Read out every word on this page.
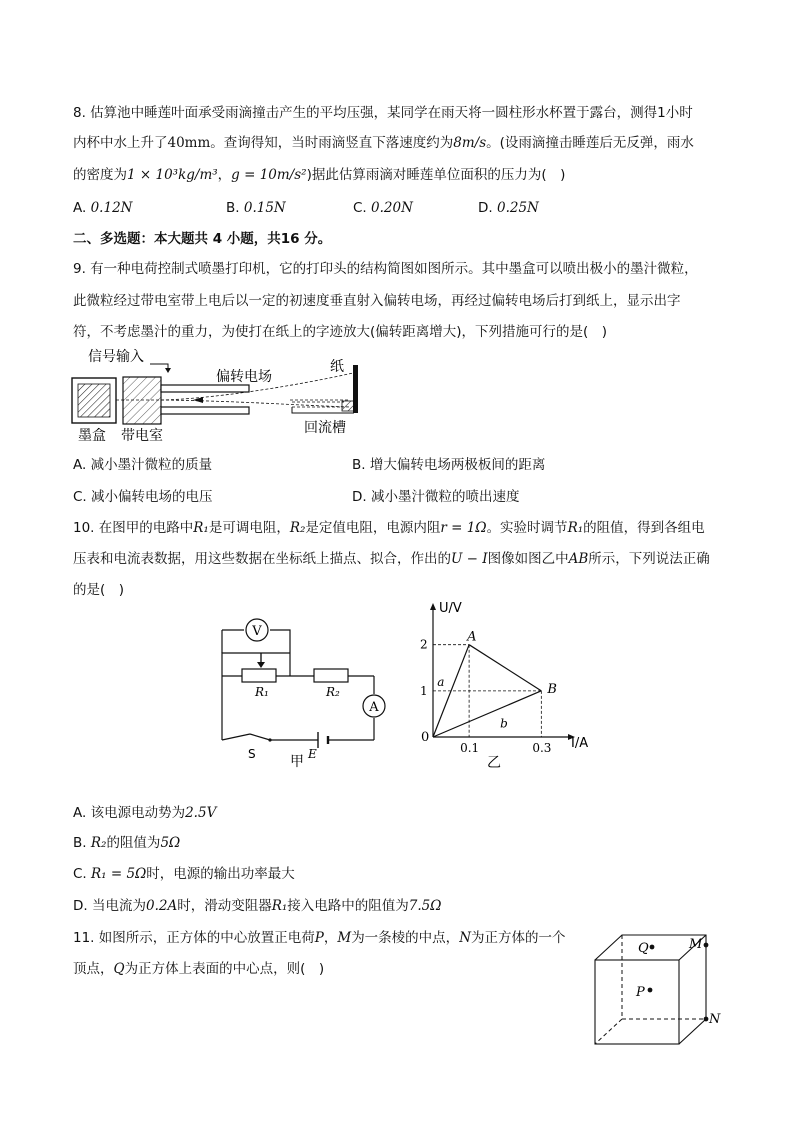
8. 估算池中睡莲叶面承受雨滴撞击产生的平均压强，某同学在雨天将一圆柱形水杯置于露台，测得1小时
内杯中水上升了40mm。查询得知，当时雨滴竖直下落速度约为8m/s。(设雨滴撞击睡莲后无反弹，雨水
的密度为1 × 10³kg/m³，g = 10m/s²)据此估算雨滴对睡莲单位面积的压力为(　)
A. 0.12N	B. 0.15N	C. 0.20N	D. 0.25N
二、多选题：本大题共 4 小题，共16 分。
9. 有一种电荷控制式喷墨打印机，它的打印头的结构简图如图所示。其中墨盒可以喷出极小的墨汁微粒，
此微粒经过带电室带上电后以一定的初速度垂直射入偏转电场，再经过偏转电场后打到纸上，显示出字
符，不考虑墨汁的重力，为使打在纸上的字迹放大(偏转距离增大)，下列措施可行的是(　)
信号输入
偏转电场
纸
墨盒 带电室	回流槽
A. 减小墨汁微粒的质量	B. 增大偏转电场两极板间的距离
C. 减小偏转电场的电压	D. 减小墨汁微粒的喷出速度
10. 在图甲的电路中R₁是可调电阻，R₂是定值电阻，电源内阻r = 1Ω。实验时调节R₁的阻值，得到各组电
压表和电流表数据，用这些数据在坐标纸上描点、拟合，作出的U − I图像如图乙中AB所示，下列说法正确
的是(　)
V
R₁	R₂
A
S	E
甲
U/V
I/A
0
0.1	0.3
1
2
a
b
A
B
乙
A. 该电源电动势为2.5V
B. R₂的阻值为5Ω
C. R₁ = 5Ω时，电源的输出功率最大
D. 当电流为0.2A时，滑动变阻器R₁接入电路中的阻值为7.5Ω
11. 如图所示，正方体的中心放置正电荷P，M为一条棱的中点，N为正方体的一个
顶点，Q为正方体上表面的中心点，则(　)
Q	M
P
N
